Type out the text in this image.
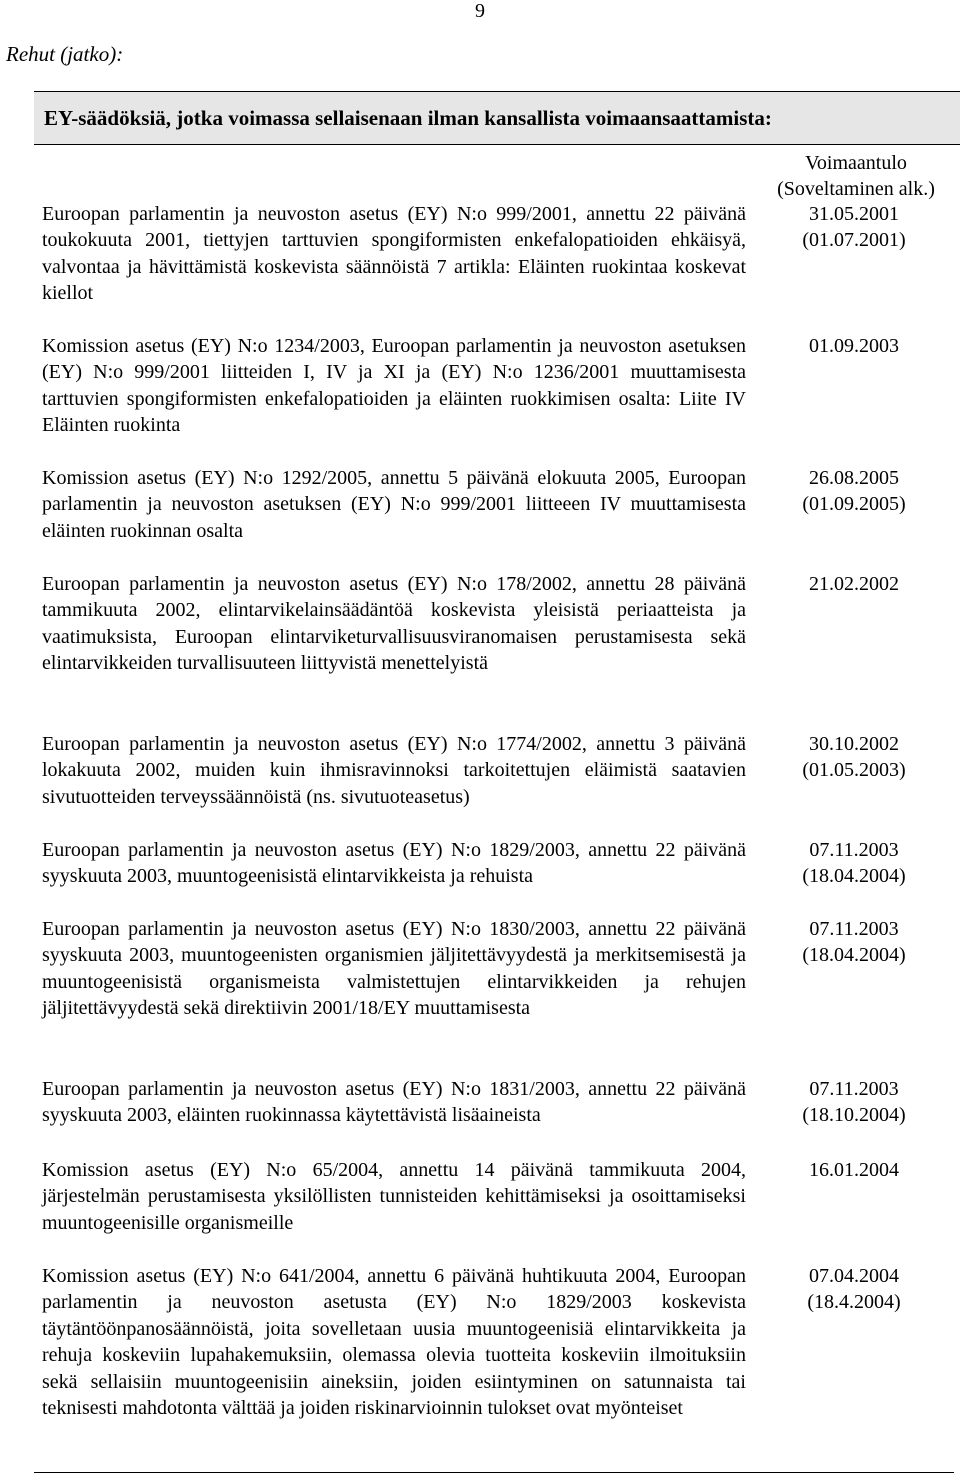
9
Rehut (jatko):
EY-säädöksiä, jotka voimassa sellaisenaan ilman kansallista voimaansaattamista:
Voimaantulo
(Soveltaminen alk.)
Euroopan parlamentin ja neuvoston asetus (EY) N:o 999/2001, annettu 22 päivänä toukokuuta 2001, tiettyjen tarttuvien spongiformisten enkefalopatioiden ehkäisyä, valvontaa ja hävittämistä koskevista säännöistä 7 artikla: Eläinten ruokintaa koskevat kiellot
31.05.2001
(01.07.2001)
Komission asetus (EY) N:o 1234/2003, Euroopan parlamentin ja neuvoston asetuksen (EY) N:o 999/2001 liitteiden I, IV ja XI ja (EY) N:o 1236/2001 muuttamisesta tarttuvien spongiformisten enkefalopatioiden ja eläinten ruokkimisen osalta: Liite IV Eläinten ruokinta
01.09.2003
Komission asetus (EY) N:o 1292/2005, annettu 5 päivänä elokuuta 2005, Euroopan parlamentin ja neuvoston asetuksen (EY) N:o 999/2001 liitteeen IV muuttamisesta eläinten ruokinnan osalta
26.08.2005
(01.09.2005)
Euroopan parlamentin ja neuvoston asetus (EY) N:o 178/2002, annettu 28 päivänä tammikuuta 2002, elintarvikelainsäädäntöä koskevista yleisistä periaatteista ja vaatimuksista, Euroopan elintarviketurvallisuusviranomaisen perustamisesta sekä elintarvikkeiden turvallisuuteen liittyvistä menettelyistä
21.02.2002
Euroopan parlamentin ja neuvoston asetus (EY) N:o 1774/2002, annettu 3 päivänä lokakuuta 2002, muiden kuin ihmisravinnoksi tarkoitettujen eläimistä saatavien sivutuotteiden terveyssäännöistä (ns. sivutuoteasetus)
30.10.2002
(01.05.2003)
Euroopan parlamentin ja neuvoston asetus (EY) N:o 1829/2003, annettu 22 päivänä syyskuuta 2003, muuntogeenisistä elintarvikkeista ja rehuista
07.11.2003
(18.04.2004)
Euroopan parlamentin ja neuvoston asetus (EY) N:o 1830/2003, annettu 22 päivänä syyskuuta 2003, muuntogeenisten organismien jäljitettävyydestä ja merkitsemisestä ja muuntogeenisistä organismeista valmistettujen elintarvikkeiden ja rehujen jäljitettävyydestä sekä direktiivin 2001/18/EY muuttamisesta
07.11.2003
(18.04.2004)
Euroopan parlamentin ja neuvoston asetus (EY) N:o 1831/2003, annettu 22 päivänä syyskuuta 2003, eläinten ruokinnassa käytettävistä lisäaineista
07.11.2003
(18.10.2004)
Komission asetus (EY) N:o 65/2004, annettu 14 päivänä tammikuuta 2004, järjestelmän perustamisesta yksilöllisten tunnisteiden kehittämiseksi ja osoittamiseksi muuntogeenisille organismeille
16.01.2004
Komission asetus (EY) N:o 641/2004, annettu 6 päivänä huhtikuuta 2004, Euroopan parlamentin ja neuvoston asetusta (EY) N:o 1829/2003 koskevista täytäntöönpanosäännöistä, joita sovelletaan uusia muuntogeenisiä elintarvikkeita ja rehuja koskeviin lupahakemuksiin, olemassa olevia tuotteita koskeviin ilmoituksiin sekä sellaisiin muuntogeenisiin aineksiin, joiden esiintyminen on satunnaista tai teknisesti mahdotonta välttää ja joiden riskinarvioinnin tulokset ovat myönteiset
07.04.2004
(18.4.2004)
